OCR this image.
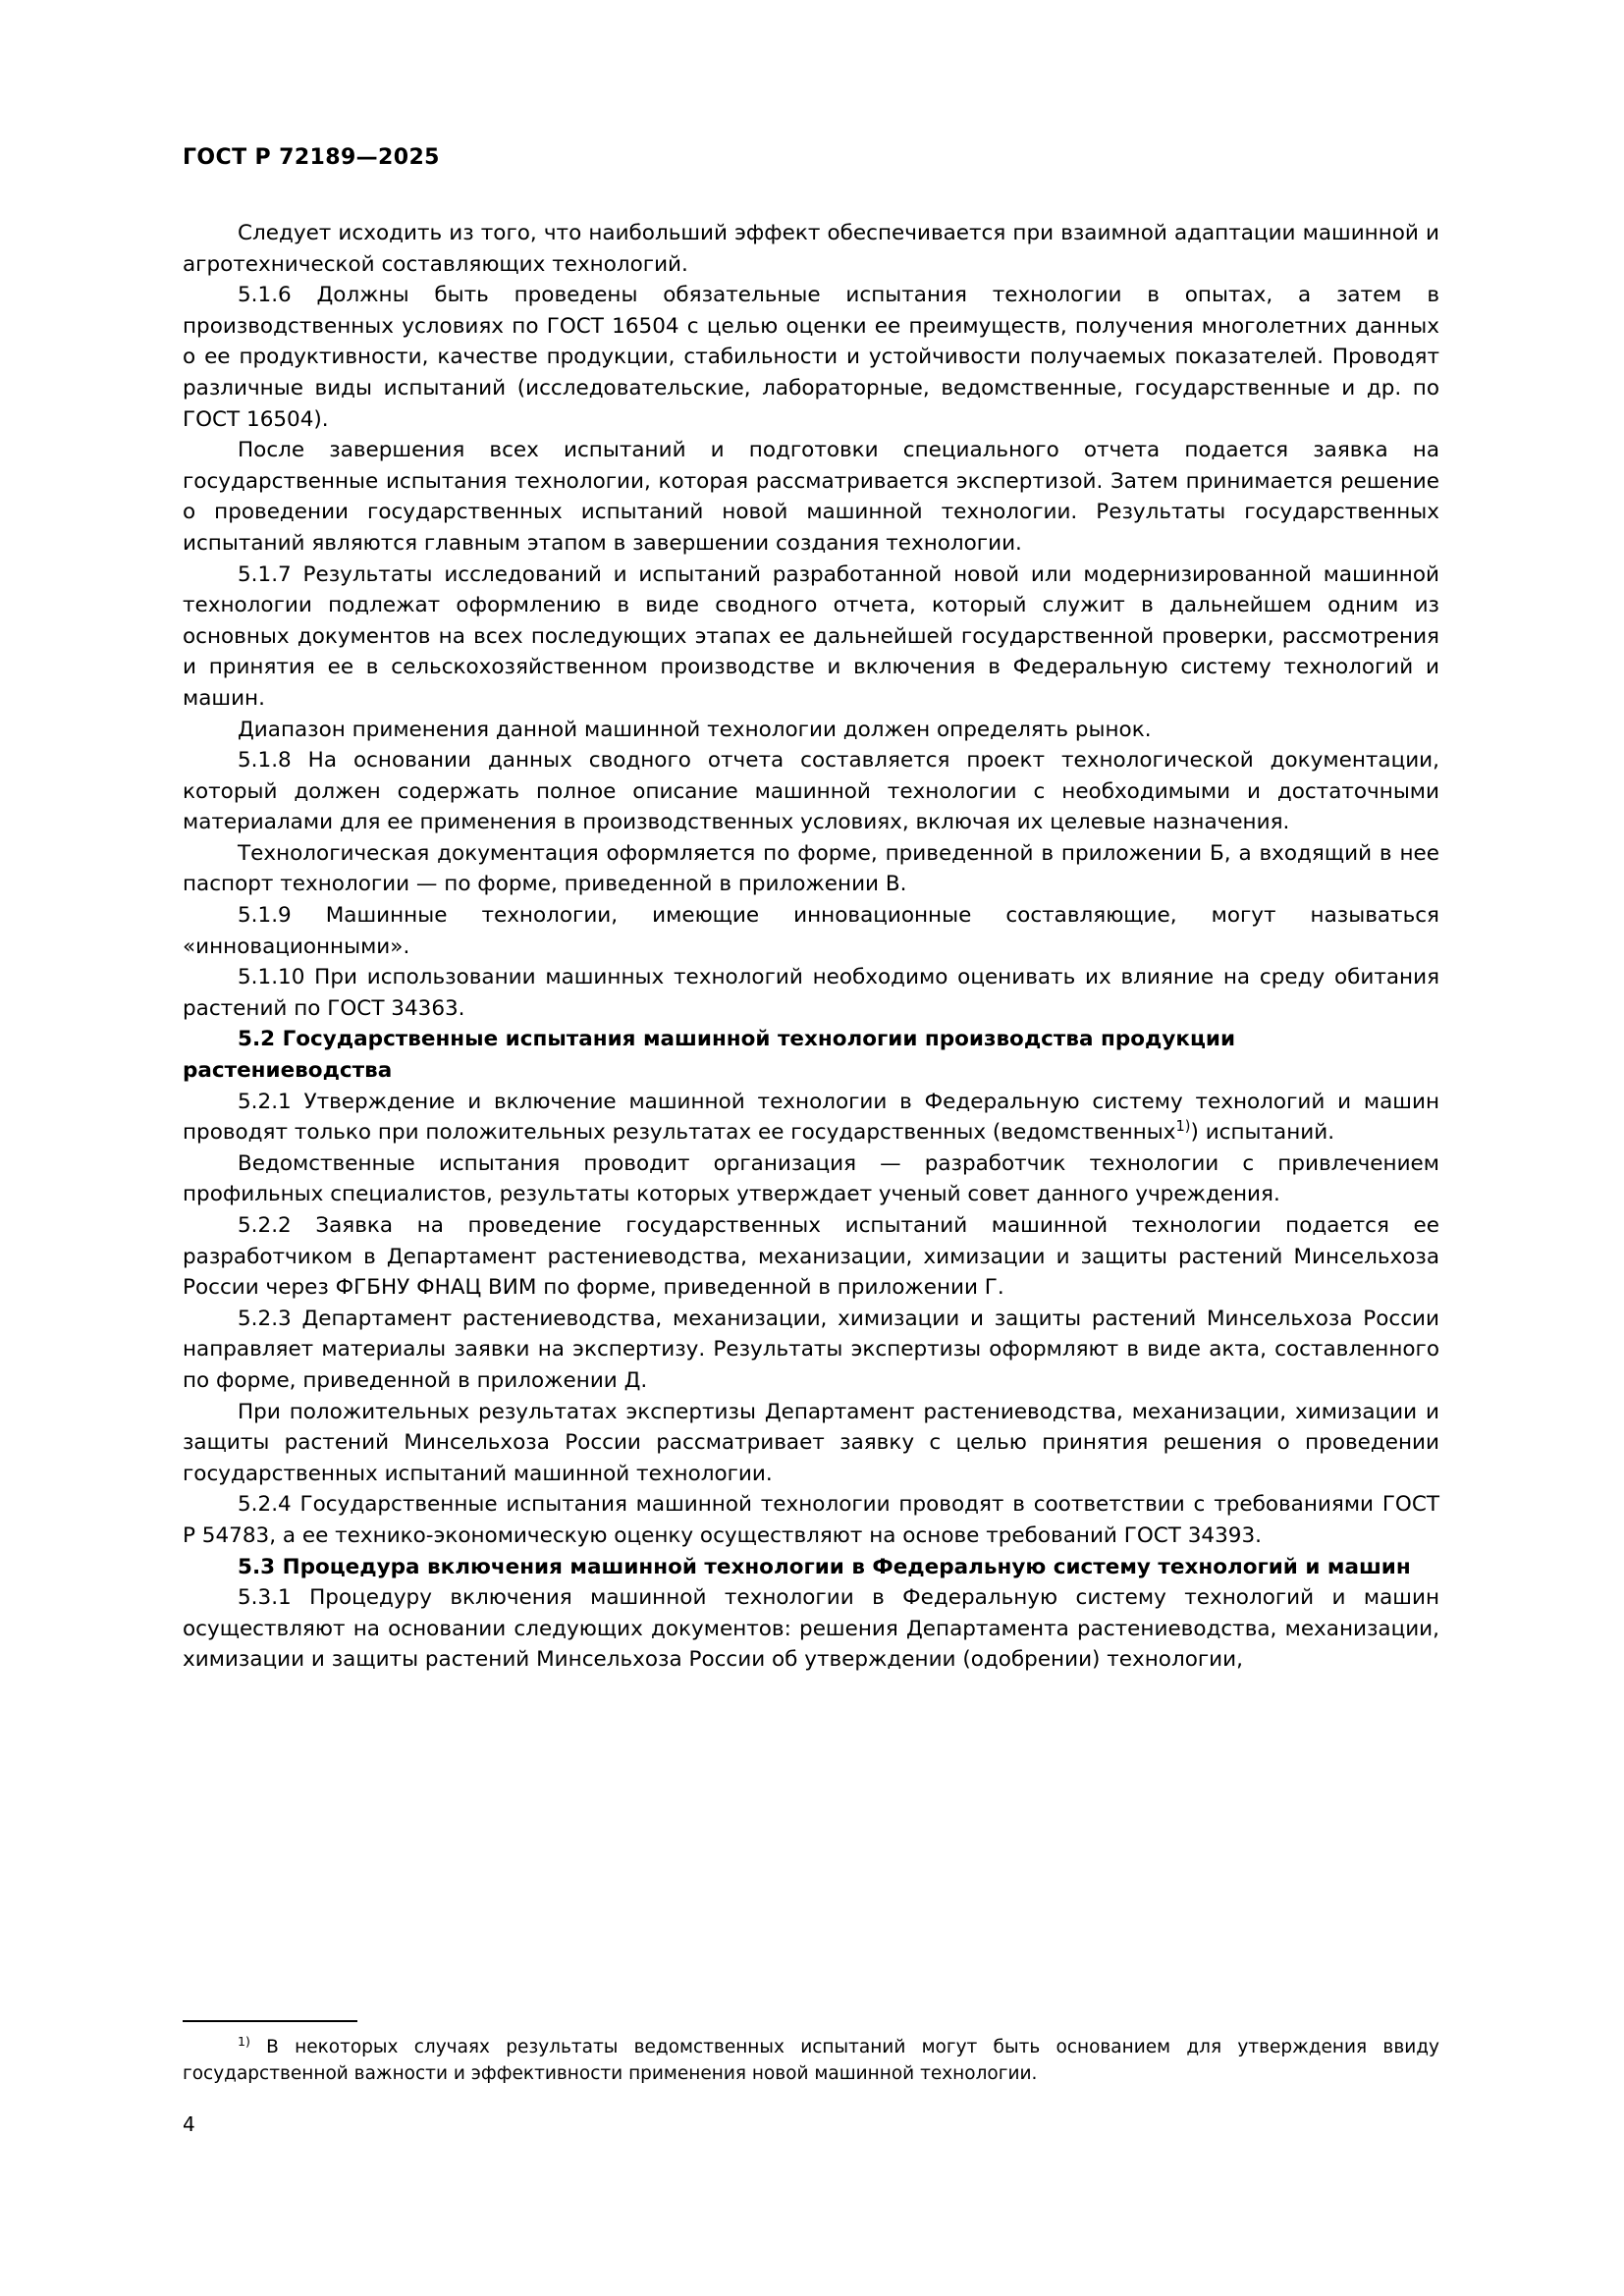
ГОСТ Р 72189—2025

Следует исходить из того, что наибольший эффект обеспечивается при взаимной адаптации машинной и агротехнической составляющих технологий.

5.1.6 Должны быть проведены обязательные испытания технологии в опытах, а затем в производственных условиях по ГОСТ 16504 с целью оценки ее преимуществ, получения многолетних данных о ее продуктивности, качестве продукции, стабильности и устойчивости получаемых показателей. Проводят различные виды испытаний (исследовательские, лабораторные, ведомственные, государственные и др. по ГОСТ 16504).

После завершения всех испытаний и подготовки специального отчета подается заявка на государственные испытания технологии, которая рассматривается экспертизой. Затем принимается решение о проведении государственных испытаний новой машинной технологии. Результаты государственных испытаний являются главным этапом в завершении создания технологии.

5.1.7 Результаты исследований и испытаний разработанной новой или модернизированной машинной технологии подлежат оформлению в виде сводного отчета, который служит в дальнейшем одним из основных документов на всех последующих этапах ее дальнейшей государственной проверки, рассмотрения и принятия ее в сельскохозяйственном производстве и включения в Федеральную систему технологий и машин.

Диапазон применения данной машинной технологии должен определять рынок.

5.1.8 На основании данных сводного отчета составляется проект технологической документации, который должен содержать полное описание машинной технологии с необходимыми и достаточными материалами для ее применения в производственных условиях, включая их целевые назначения.

Технологическая документация оформляется по форме, приведенной в приложении Б, а входящий в нее паспорт технологии — по форме, приведенной в приложении В.

5.1.9 Машинные технологии, имеющие инновационные составляющие, могут называться «инновационными».

5.1.10 При использовании машинных технологий необходимо оценивать их влияние на среду обитания растений по ГОСТ 34363.

5.2 Государственные испытания машинной технологии производства продукции растениеводства

5.2.1 Утверждение и включение машинной технологии в Федеральную систему технологий и машин проводят только при положительных результатах ее государственных (ведомственных$^{1)}$) испытаний.

Ведомственные испытания проводит организация — разработчик технологии с привлечением профильных специалистов, результаты которых утверждает ученый совет данного учреждения.

5.2.2 Заявка на проведение государственных испытаний машинной технологии подается ее разработчиком в Департамент растениеводства, механизации, химизации и защиты растений Минсельхоза России через ФГБНУ ФНАЦ ВИМ по форме, приведенной в приложении Г.

5.2.3 Департамент растениеводства, механизации, химизации и защиты растений Минсельхоза России направляет материалы заявки на экспертизу. Результаты экспертизы оформляют в виде акта, составленного по форме, приведенной в приложении Д.

При положительных результатах экспертизы Департамент растениеводства, механизации, химизации и защиты растений Минсельхоза России рассматривает заявку с целью принятия решения о проведении государственных испытаний машинной технологии.

5.2.4 Государственные испытания машинной технологии проводят в соответствии с требованиями ГОСТ Р 54783, а ее технико-экономическую оценку осуществляют на основе требований ГОСТ 34393.

5.3 Процедура включения машинной технологии в Федеральную систему технологий и машин

5.3.1 Процедуру включения машинной технологии в Федеральную систему технологий и машин осуществляют на основании следующих документов: решения Департамента растениеводства, механизации, химизации и защиты растений Минсельхоза России об утверждении (одобрении) технологии,

$^{1)}$ В некоторых случаях результаты ведомственных испытаний могут быть основанием для утверждения ввиду государственной важности и эффективности применения новой машинной технологии.

4
